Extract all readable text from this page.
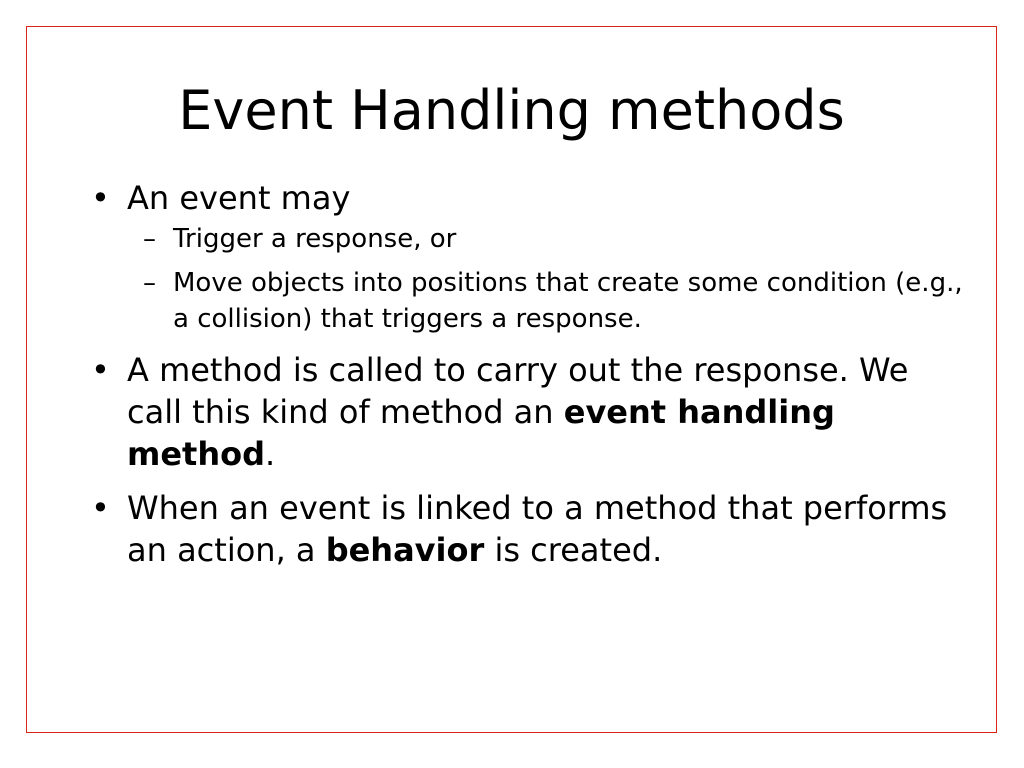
Event Handling methods
• An event may
– Trigger a response, or
– Move objects into positions that create some condition (e.g., a collision) that triggers a response.
• A method is called to carry out the response. We call this kind of method an event handling method.
• When an event is linked to a method that performs an action, a behavior is created.
